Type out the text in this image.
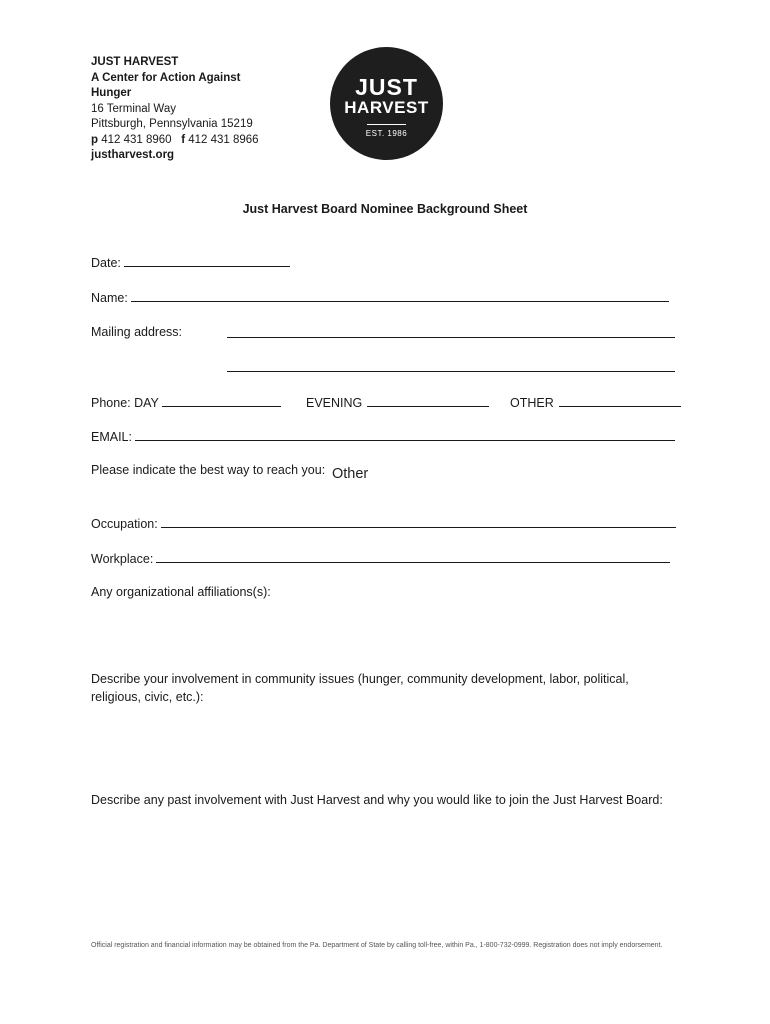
JUST HARVEST
A Center for Action Against
Hunger
16 Terminal Way
Pittsburgh, Pennsylvania 15219
p 412 431 8960 f 412 431 8966
justharvest.org
JUST
HARVEST
EST. 1986
Just Harvest Board Nominee Background Sheet
Date:
Name:
Mailing address:
Phone: DAY	EVENING	OTHER
EMAIL:
Please indicate the best way to reach you: Other
Occupation:
Workplace:
Any organizational affiliations(s):
Describe your involvement in community issues (hunger, community development, labor, political, religious, civic, etc.):
Describe any past involvement with Just Harvest and why you would like to join the Just Harvest Board:
Official registration and financial information may be obtained from the Pa. Department of State by calling toll-free, within Pa., 1-800-732-0999. Registration does not imply endorsement.
